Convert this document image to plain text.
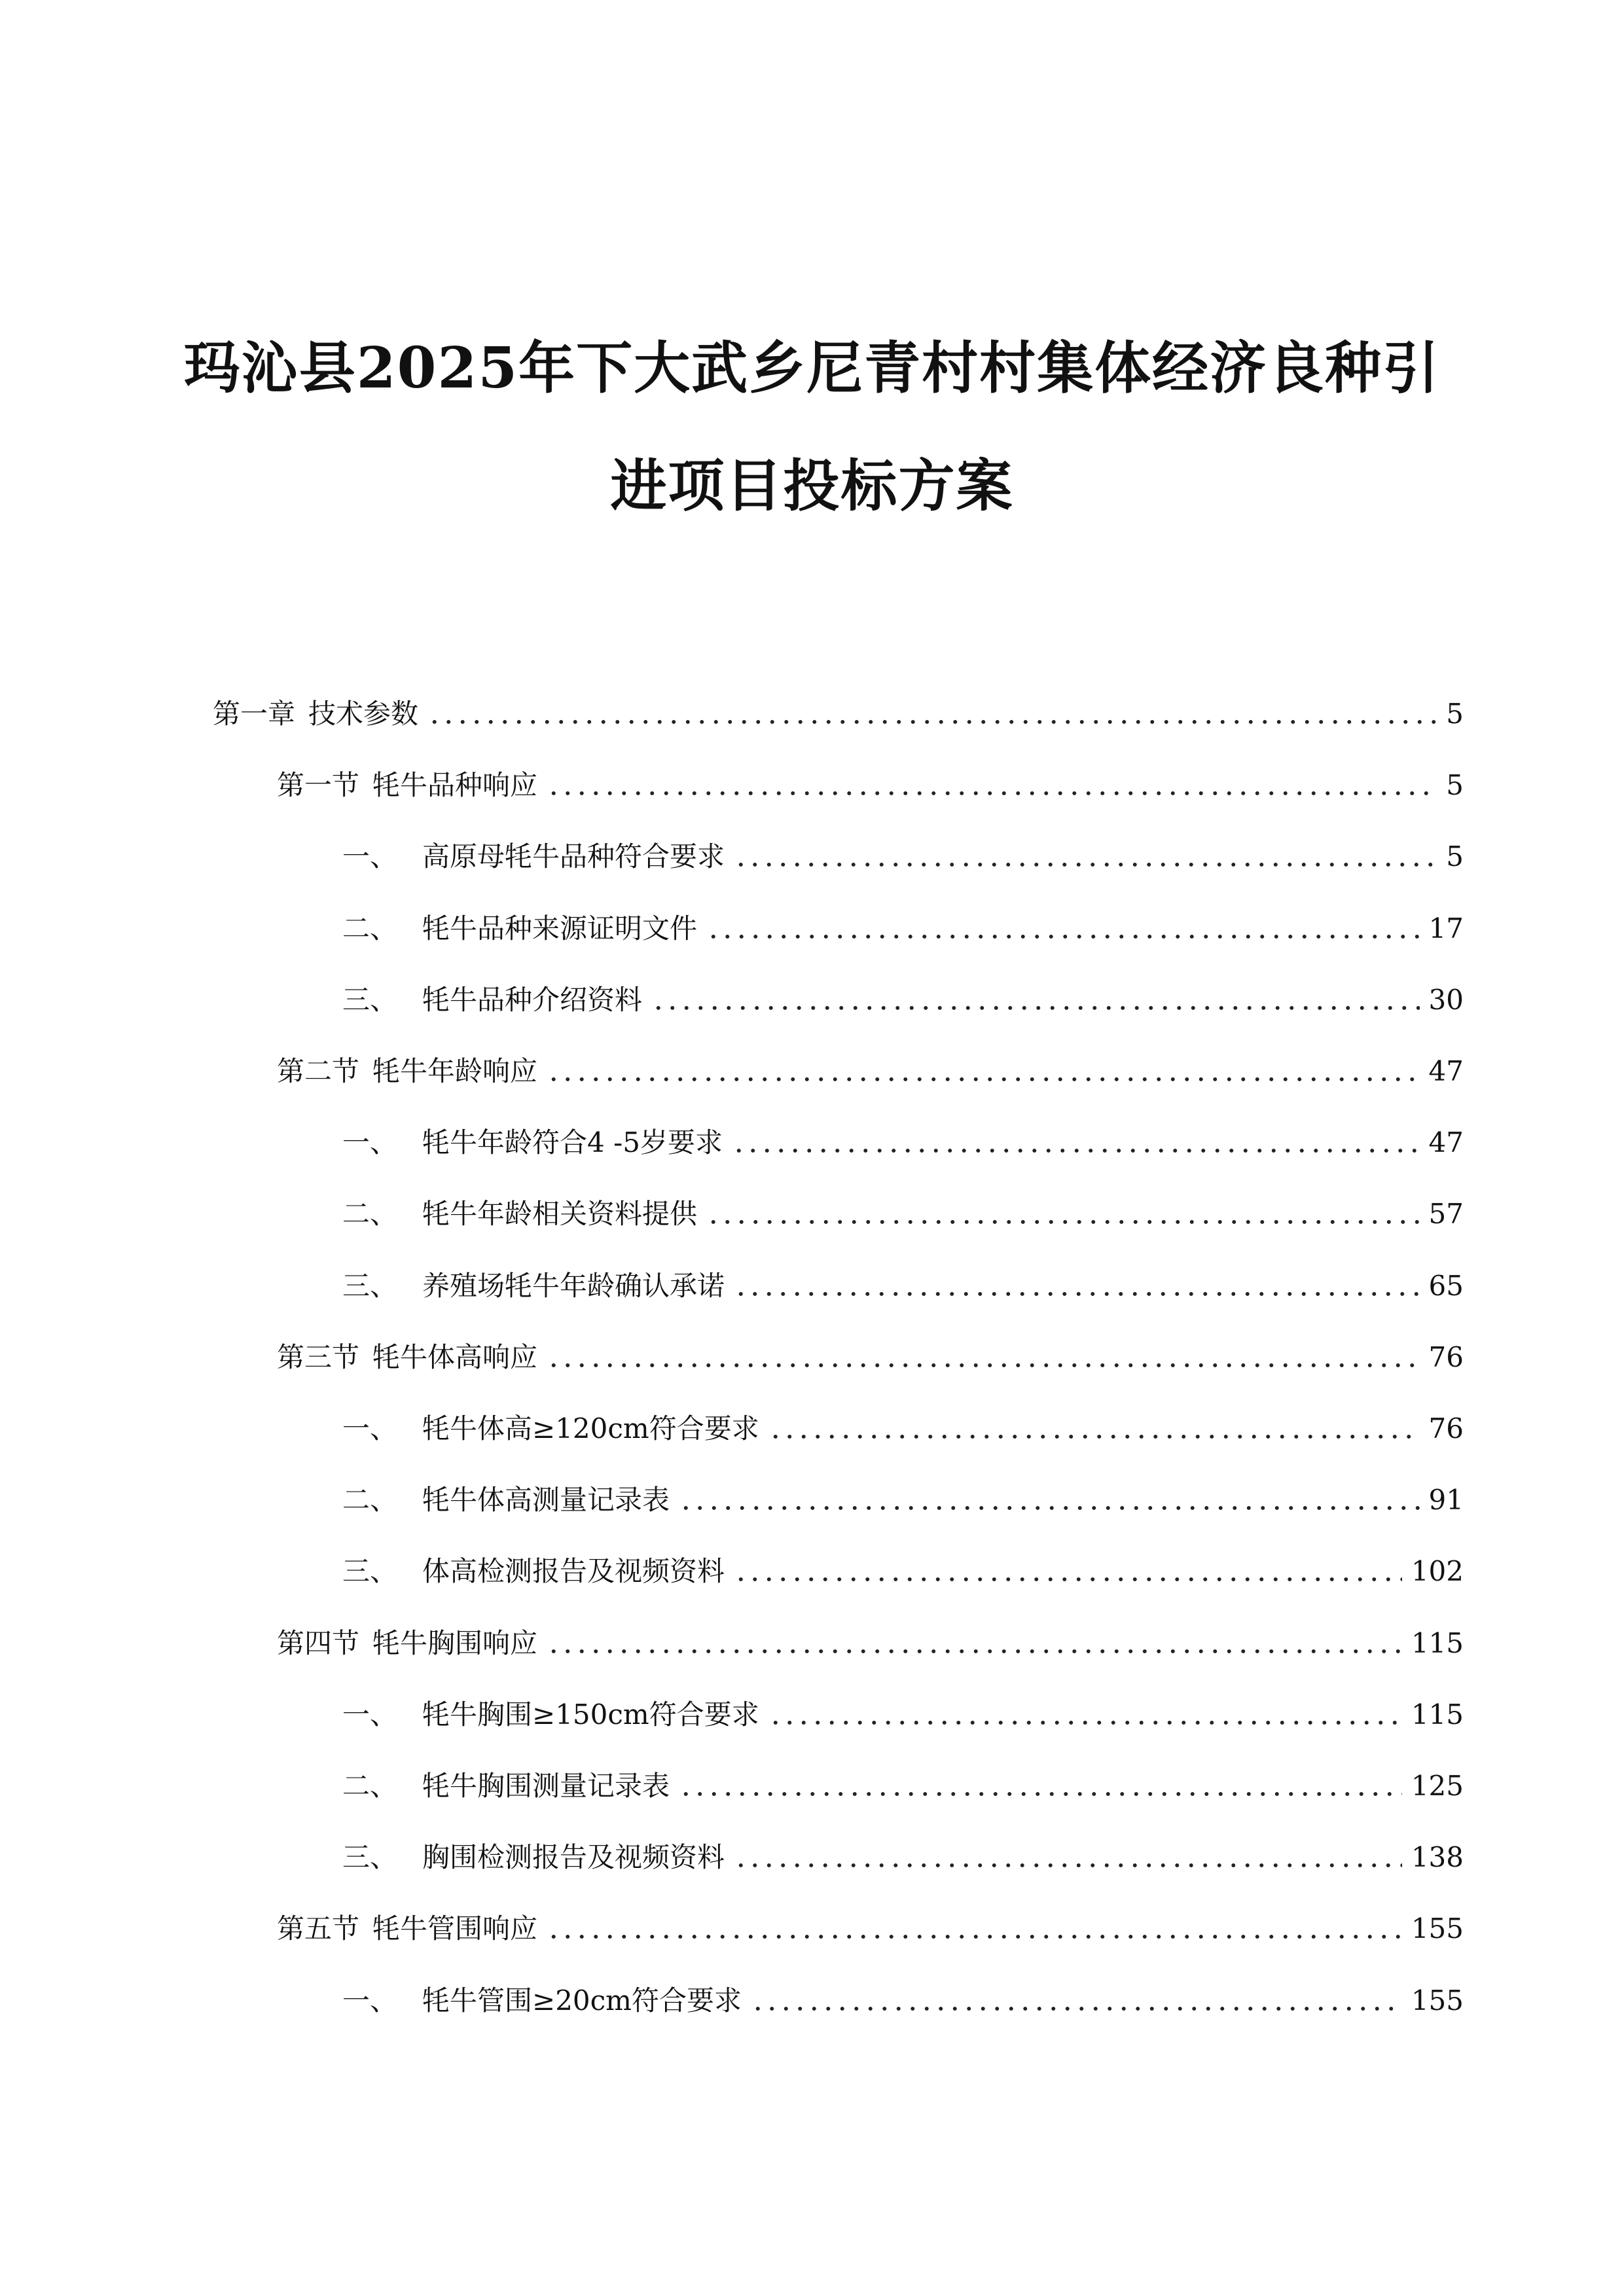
玛沁县2025年下大武乡尼青村村集体经济良种引
进项目投标方案
第一章 技术参数	5
第一节 牦牛品种响应	5
一、 高原母牦牛品种符合要求	5
二、 牦牛品种来源证明文件	17
三、 牦牛品种介绍资料	30
第二节 牦牛年龄响应	47
一、 牦牛年龄符合4 -5岁要求	47
二、 牦牛年龄相关资料提供	57
三、 养殖场牦牛年龄确认承诺	65
第三节 牦牛体高响应	76
一、 牦牛体高≥120cm符合要求	76
二、 牦牛体高测量记录表	91
三、 体高检测报告及视频资料	102
第四节 牦牛胸围响应	115
一、 牦牛胸围≥150cm符合要求	115
二、 牦牛胸围测量记录表	125
三、 胸围检测报告及视频资料	138
第五节 牦牛管围响应	155
一、 牦牛管围≥20cm符合要求	155
